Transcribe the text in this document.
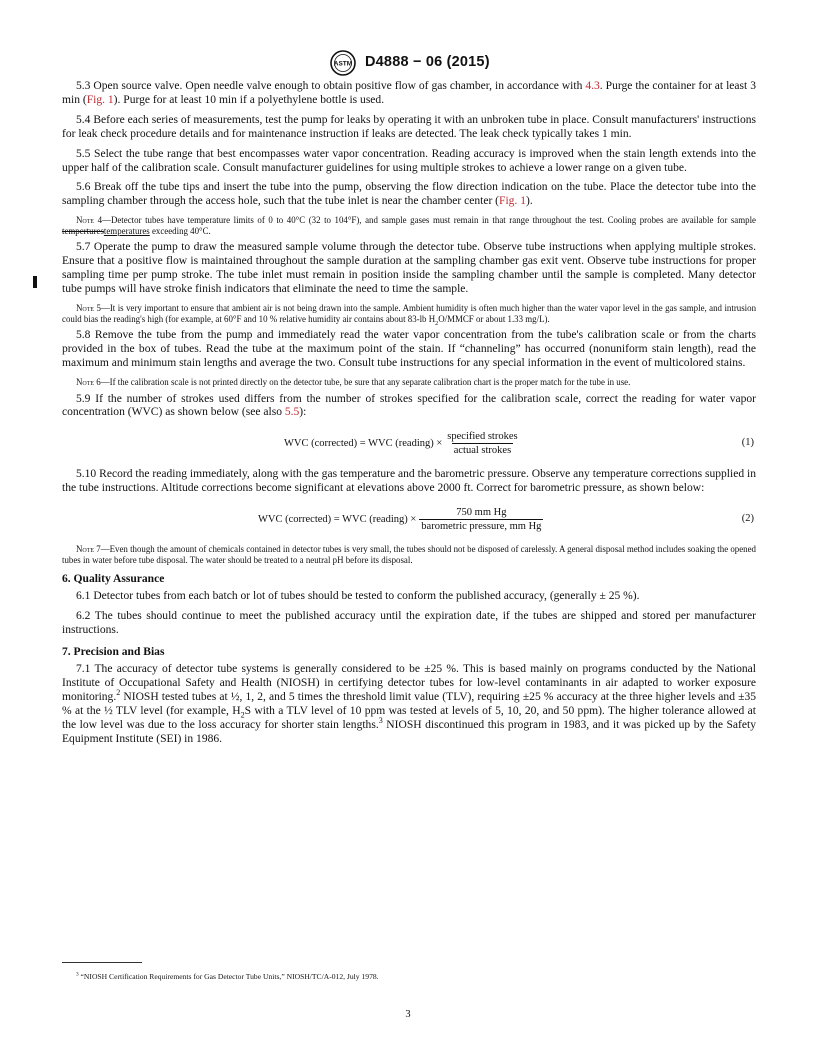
ASTM D4888 − 06 (2015)

5.3 Open source valve. Open needle valve enough to obtain positive flow of gas chamber, in accordance with 4.3. Purge the container for at least 3 min (Fig. 1). Purge for at least 10 min if a polyethylene bottle is used.

5.4 Before each series of measurements, test the pump for leaks by operating it with an unbroken tube in place. Consult manufacturers' instructions for leak check procedure details and for maintenance instruction if leaks are detected. The leak check typically takes 1 min.

5.5 Select the tube range that best encompasses water vapor concentration. Reading accuracy is improved when the stain length extends into the upper half of the calibration scale. Consult manufacturer guidelines for using multiple strokes to achieve a lower range on a given tube.

5.6 Break off the tube tips and insert the tube into the pump, observing the flow direction indication on the tube. Place the detector tube into the sampling chamber through the access hole, such that the tube inlet is near the chamber center (Fig. 1).

Note 4—Detector tubes have temperature limits of 0 to 40°C (32 to 104°F), and sample gases must remain in that range throughout the test. Cooling probes are available for sample temperturestemperatures exceeding 40°C.

5.7 Operate the pump to draw the measured sample volume through the detector tube. Observe tube instructions when applying multiple strokes. Ensure that a positive flow is maintained throughout the sample duration at the sampling chamber gas exit vent. Observe tube instructions for proper sampling time per pump stroke. The tube inlet must remain in position inside the sampling chamber until the sample is completed. Many detector tube pumps will have stroke finish indicators that eliminate the need to time the sample.

Note 5—It is very important to ensure that ambient air is not being drawn into the sample. Ambient humidity is often much higher than the water vapor level in the gas sample, and intrusion could bias the reading's high (for example, at 60°F and 10 % relative humidity air contains about 83-lb $H_2O$/MMCF or about 1.33 mg/L).

5.8 Remove the tube from the pump and immediately read the water vapor concentration from the tube's calibration scale or from the charts provided in the box of tubes. Read the tube at the maximum point of the stain. If “channeling” has occurred (nonuniform stain length), read the maximum and minimum stain lengths and average the two. Consult tube instructions for any special information in the event of multicolored stains.

Note 6—If the calibration scale is not printed directly on the detector tube, be sure that any separate calibration chart is the proper match for the tube in use.

5.9 If the number of strokes used differs from the number of strokes specified for the calibration scale, correct the reading for water vapor concentration (WVC) as shown below (see also 5.5):

WVC (corrected) = WVC (reading) × $\frac{\text{specified strokes}}{\text{actual strokes}}$	(1)

5.10 Record the reading immediately, along with the gas temperature and the barometric pressure. Observe any temperature corrections supplied in the tube instructions. Altitude corrections become significant at elevations above 2000 ft. Correct for barometric pressure, as shown below:

WVC (corrected) = WVC (reading) × $\frac{\text{750 mm Hg}}{\text{barometric pressure, mm Hg}}$	(2)

Note 7—Even though the amount of chemicals contained in detector tubes is very small, the tubes should not be disposed of carelessly. A general disposal method includes soaking the opened tubes in water before tube disposal. The water should be treated to a neutral pH before its disposal.

6. Quality Assurance

6.1 Detector tubes from each batch or lot of tubes should be tested to conform the published accuracy, (generally ± 25 %).

6.2 The tubes should continue to meet the published accuracy until the expiration date, if the tubes are shipped and stored per manufacturer instructions.

7. Precision and Bias

7.1 The accuracy of detector tube systems is generally considered to be ±25 %. This is based mainly on programs conducted by the National Institute of Occupational Safety and Health (NIOSH) in certifying detector tubes for low-level contaminants in air adapted to worker exposure monitoring.$^2$ NIOSH tested tubes at ½, 1, 2, and 5 times the threshold limit value (TLV), requiring ±25 % accuracy at the three higher levels and ±35 % at the ½ TLV level (for example, $H_2S$ with a TLV level of 10 ppm was tested at levels of 5, 10, 20, and 50 ppm). The higher tolerance allowed at the low level was due to the loss accuracy for shorter stain lengths.$^3$ NIOSH discontinued this program in 1983, and it was picked up by the Safety Equipment Institute (SEI) in 1986.

$^3$ “NIOSH Certification Requirements for Gas Detector Tube Units,” NIOSH/TC/A-012, July 1978.

3
